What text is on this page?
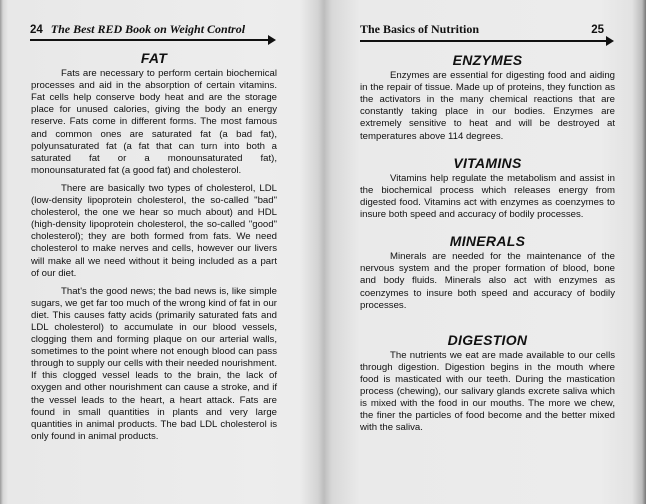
24 The Best RED Book on Weight Control
FAT

Fats are necessary to perform certain biochemical processes and aid in the absorption of certain vitamins. Fat cells help conserve body heat and are the storage place for unused calories, giving the body an energy reserve. Fats come in different forms. The most famous and common ones are saturated fat (a bad fat), polyunsaturated fat (a fat that can turn into both a saturated fat or a monounsaturated fat), monounsaturated fat (a good fat) and cholesterol.

There are basically two types of cholesterol, LDL (low-density lipoprotein cholesterol, the so-called "bad" cholesterol, the one we hear so much about) and HDL (high-density lipoprotein cholesterol, the so-called "good" cholesterol); they are both formed from fats. We need cholesterol to make nerves and cells, however our livers will make all we need without it being included as a part of our diet.

That's the good news; the bad news is, like simple sugars, we get far too much of the wrong kind of fat in our diet. This causes fatty acids (primarily saturated fats and LDL cholesterol) to accumulate in our blood vessels, clogging them and forming plaque on our arterial walls, sometimes to the point where not enough blood can pass through to supply our cells with their needed nourishment. If this clogged vessel leads to the brain, the lack of oxygen and other nourishment can cause a stroke, and if the vessel leads to the heart, a heart attack. Fats are found in small quantities in plants and very large quantities in animal products. The bad LDL cholesterol is only found in animal products.

The Basics of Nutrition	25
ENZYMES

Enzymes are essential for digesting food and aiding in the repair of tissue. Made up of proteins, they function as the activators in the many chemical reactions that are constantly taking place in our bodies. Enzymes are extremely sensitive to heat and will be destroyed at temperatures above 114 degrees.

VITAMINS

Vitamins help regulate the metabolism and assist in the biochemical process which releases energy from digested food. Vitamins act with enzymes as coenzymes to insure both speed and accuracy of bodily processes.

MINERALS

Minerals are needed for the maintenance of the nervous system and the proper formation of blood, bone and body fluids. Minerals also act with enzymes as coenzymes to insure both speed and accuracy of bodily processes.

DIGESTION

The nutrients we eat are made available to our cells through digestion. Digestion begins in the mouth where food is masticated with our teeth. During the mastication process (chewing), our salivary glands excrete saliva which is mixed with the food in our mouths. The more we chew, the finer the particles of food become and the better mixed with the saliva.
